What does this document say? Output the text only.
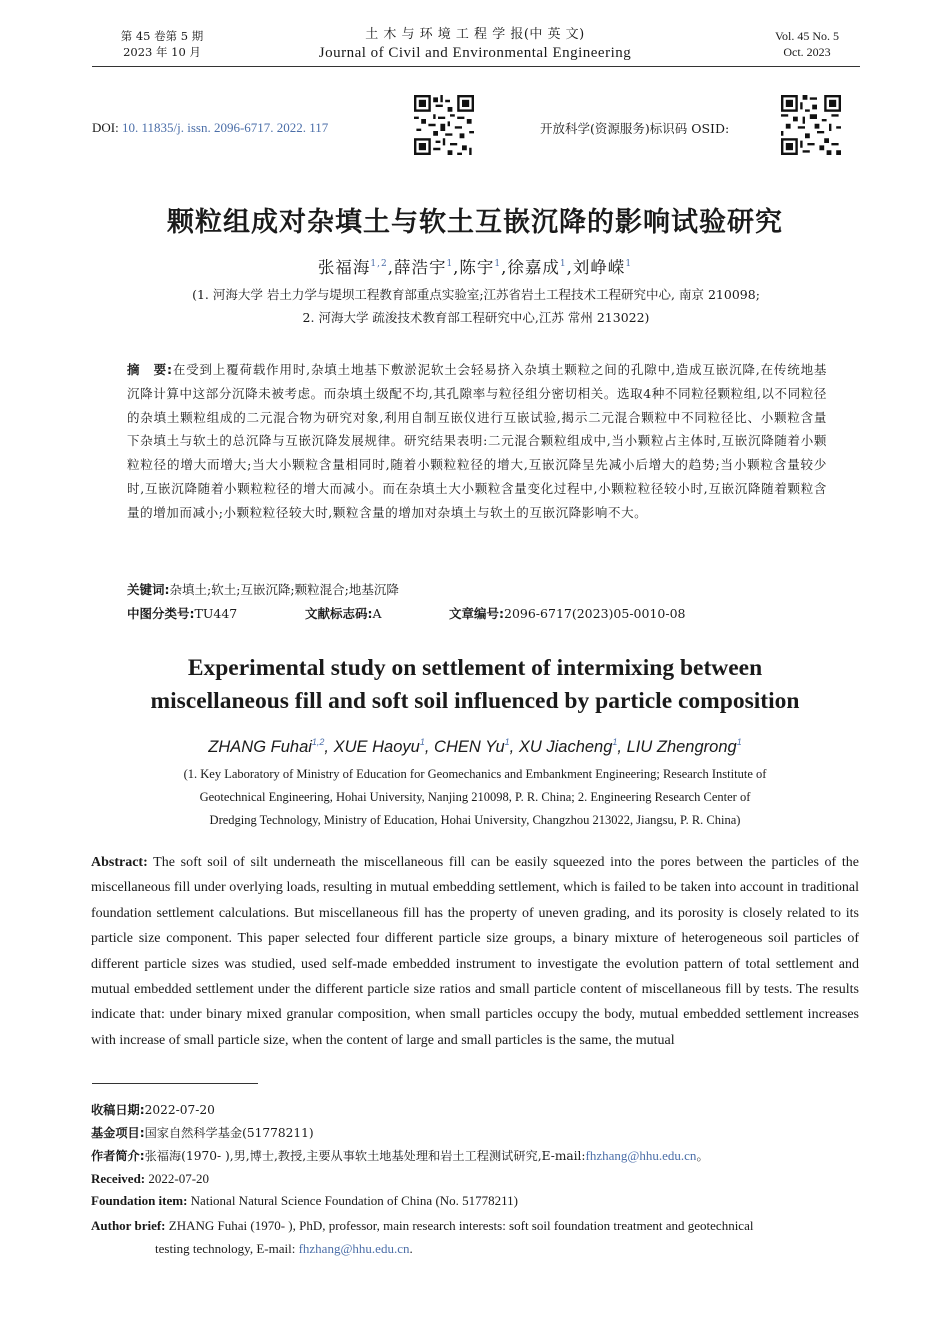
第 45 卷第 5 期
2023 年 10 月
土 木 与 环 境 工 程 学 报(中 英 文)
Journal of Civil and Environmental Engineering
Vol. 45 No. 5
Oct. 2023
DOI: 10. 11835/j. issn. 2096-6717. 2022. 117	开放科学(资源服务)标识码 OSID:
颗粒组成对杂填土与软土互嵌沉降的影响试验研究
张福海$^{1,2}$,薛浩宇$^1$,陈宇$^1$,徐嘉成$^1$,刘峥嵘$^1$
(1. 河海大学 岩土力学与堤坝工程教育部重点实验室;江苏省岩土工程技术工程研究中心, 南京 210098;
2. 河海大学 疏浚技术教育部工程研究中心,江苏 常州 213022)
摘　要:在受到上覆荷载作用时,杂填土地基下敷淤泥软土会轻易挤入杂填土颗粒之间的孔隙中,造成互嵌沉降,在传统地基沉降计算中这部分沉降未被考虑。而杂填土级配不均,其孔隙率与粒径组分密切相关。选取4种不同粒径颗粒组,以不同粒径的杂填土颗粒组成的二元混合物为研究对象,利用自制互嵌仪进行互嵌试验,揭示二元混合颗粒中不同粒径比、小颗粒含量下杂填土与软土的总沉降与互嵌沉降发展规律。研究结果表明:二元混合颗粒组成中,当小颗粒占主体时,互嵌沉降随着小颗粒粒径的增大而增大;当大小颗粒含量相同时,随着小颗粒粒径的增大,互嵌沉降呈先减小后增大的趋势;当小颗粒含量较少时,互嵌沉降随着小颗粒粒径的增大而减小。而在杂填土大小颗粒含量变化过程中,小颗粒粒径较小时,互嵌沉降随着颗粒含量的增加而减小;小颗粒粒径较大时,颗粒含量的增加对杂填土与软土的互嵌沉降影响不大。
关键词:杂填土;软土;互嵌沉降;颗粒混合;地基沉降
中图分类号:TU447	文献标志码:A	文章编号:2096-6717(2023)05-0010-08
Experimental study on settlement of intermixing between
miscellaneous fill and soft soil influenced by particle composition
ZHANG Fuhai$^{1,2}$, XUE Haoyu$^1$, CHEN Yu$^1$, XU Jiacheng$^1$, LIU Zhengrong$^1$
(1. Key Laboratory of Ministry of Education for Geomechanics and Embankment Engineering; Research Institute of
Geotechnical Engineering, Hohai University, Nanjing 210098, P. R. China; 2. Engineering Research Center of
Dredging Technology, Ministry of Education, Hohai University, Changzhou 213022, Jiangsu, P. R. China)
Abstract: The soft soil of silt underneath the miscellaneous fill can be easily squeezed into the pores between the particles of the miscellaneous fill under overlying loads, resulting in mutual embedding settlement, which is failed to be taken into account in traditional foundation settlement calculations. But miscellaneous fill has the property of uneven grading, and its porosity is closely related to its particle size component. This paper selected four different particle size groups, a binary mixture of heterogeneous soil particles of different particle sizes was studied, used self-made embedded instrument to investigate the evolution pattern of total settlement and mutual embedded settlement under the different particle size ratios and small particle content of miscellaneous fill by tests. The results indicate that: under binary mixed granular composition, when small particles occupy the body, mutual embedded settlement increases with increase of small particle size, when the content of large and small particles is the same, the mutual
收稿日期:2022-07-20
基金项目:国家自然科学基金(51778211)
作者简介:张福海(1970- ),男,博士,教授,主要从事软土地基处理和岩土工程测试研究,E-mail:fhzhang@hhu.edu.cn。
Received: 2022-07-20
Foundation item: National Natural Science Foundation of China (No. 51778211)
Author brief: ZHANG Fuhai (1970- ), PhD, professor, main research interests: soft soil foundation treatment and geotechnical
testing technology, E-mail: fhzhang@hhu.edu.cn.
